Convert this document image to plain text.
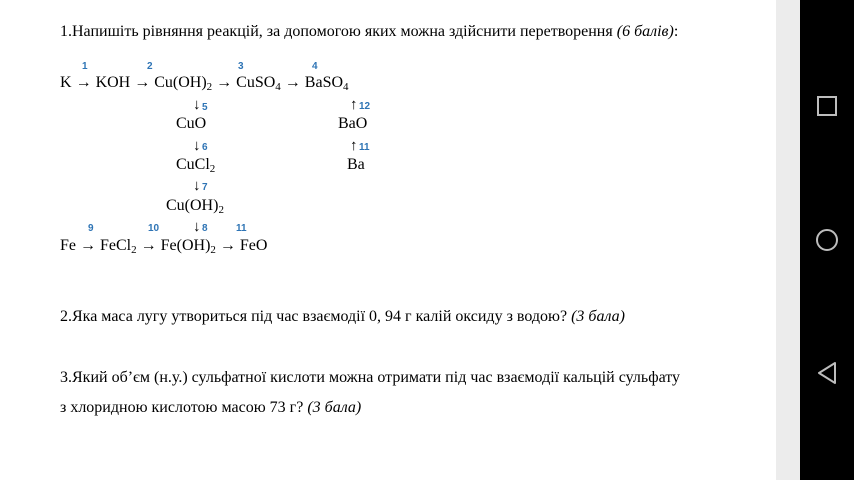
1.Напишіть рівняння реакцій, за допомогою яких можна здійснити перетворення (6 балів):
1	2	3	4
K → KOH → $Cu(OH)_2$ → CuSO$_4$ → BaSO$_4$
↓ 5
CuO
↓ 6
CuCl$_2$
↓ 7
$Cu(OH)_2$
↓ 8
↑ 12
BaO
↑ 11
Ba
9	10	11
Fe → FeCl$_2$ → $Fe(OH)_2$ → FeO
2.Яка маса лугу утвориться під час взаємодії 0, 94 г калій оксиду з водою? (3 бала)
3.Який об’єм (н.у.) сульфатної кислоти можна отримати під час взаємодії кальцій сульфату
з хлоридною кислотою масою 73 г? (3 бала)
